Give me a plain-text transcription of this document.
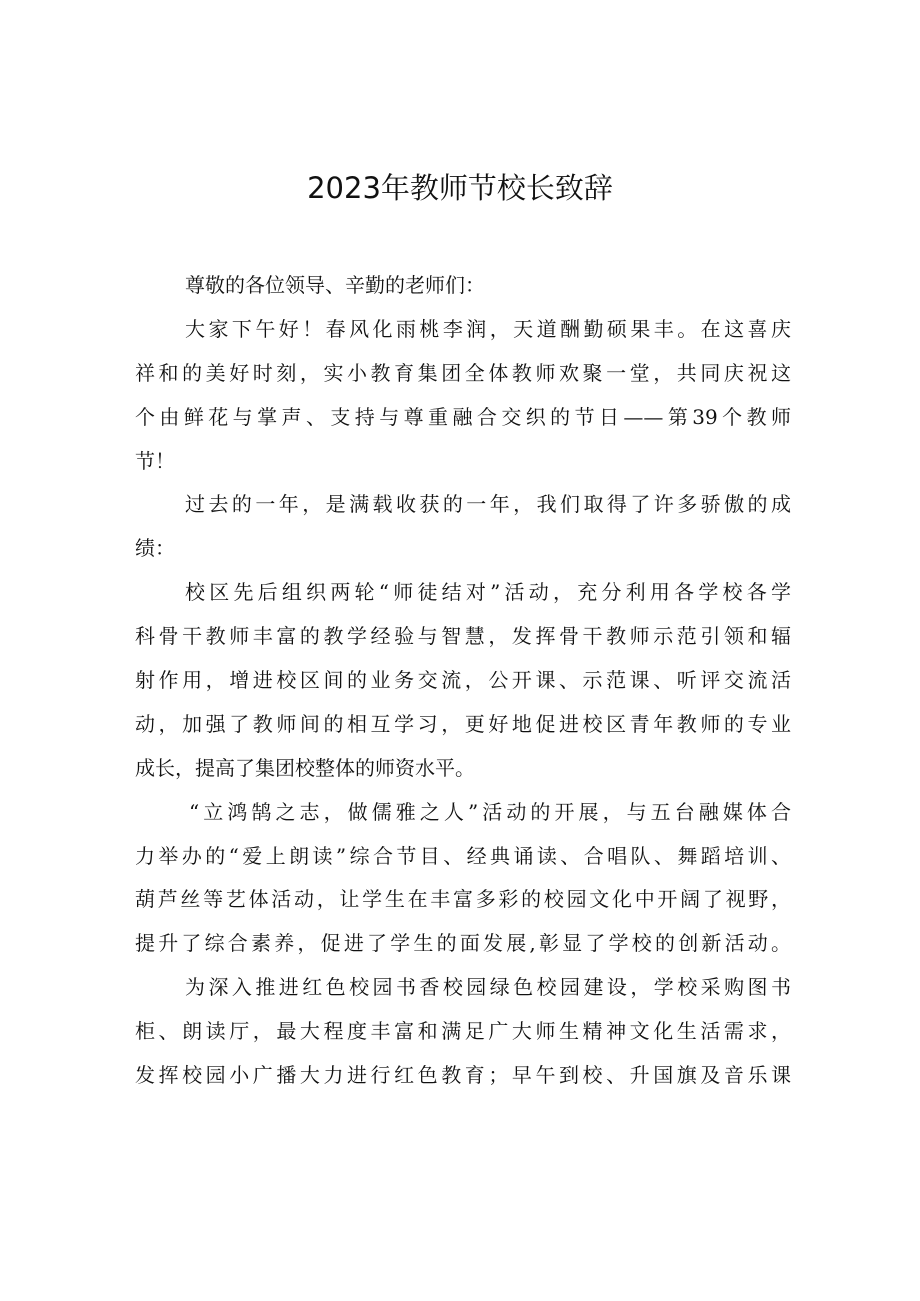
2023年教师节校长致辞
尊敬的各位领导、辛勤的老师们：
大家下午好！春风化雨桃李润，天道酬勤硕果丰。在这喜庆
祥和的美好时刻，实小教育集团全体教师欢聚一堂，共同庆祝这
个由鲜花与掌声、支持与尊重融合交织的节日——第39个教师
节！
过去的一年，是满载收获的一年，我们取得了许多骄傲的成
绩：
校区先后组织两轮“师徒结对”活动，充分利用各学校各学
科骨干教师丰富的教学经验与智慧，发挥骨干教师示范引领和辐
射作用，增进校区间的业务交流，公开课、示范课、听评交流活
动，加强了教师间的相互学习，更好地促进校区青年教师的专业
成长，提高了集团校整体的师资水平。
“立鸿鹄之志，做儒雅之人”活动的开展，与五台融媒体合
力举办的“爱上朗读”综合节目、经典诵读、合唱队、舞蹈培训、
葫芦丝等艺体活动，让学生在丰富多彩的校园文化中开阔了视野，
提升了综合素养，促进了学生的面发展,彰显了学校的创新活动。
为深入推进红色校园书香校园绿色校园建设，学校采购图书
柜、朗读厅，最大程度丰富和满足广大师生精神文化生活需求，
发挥校园小广播大力进行红色教育；早午到校、升国旗及音乐课
